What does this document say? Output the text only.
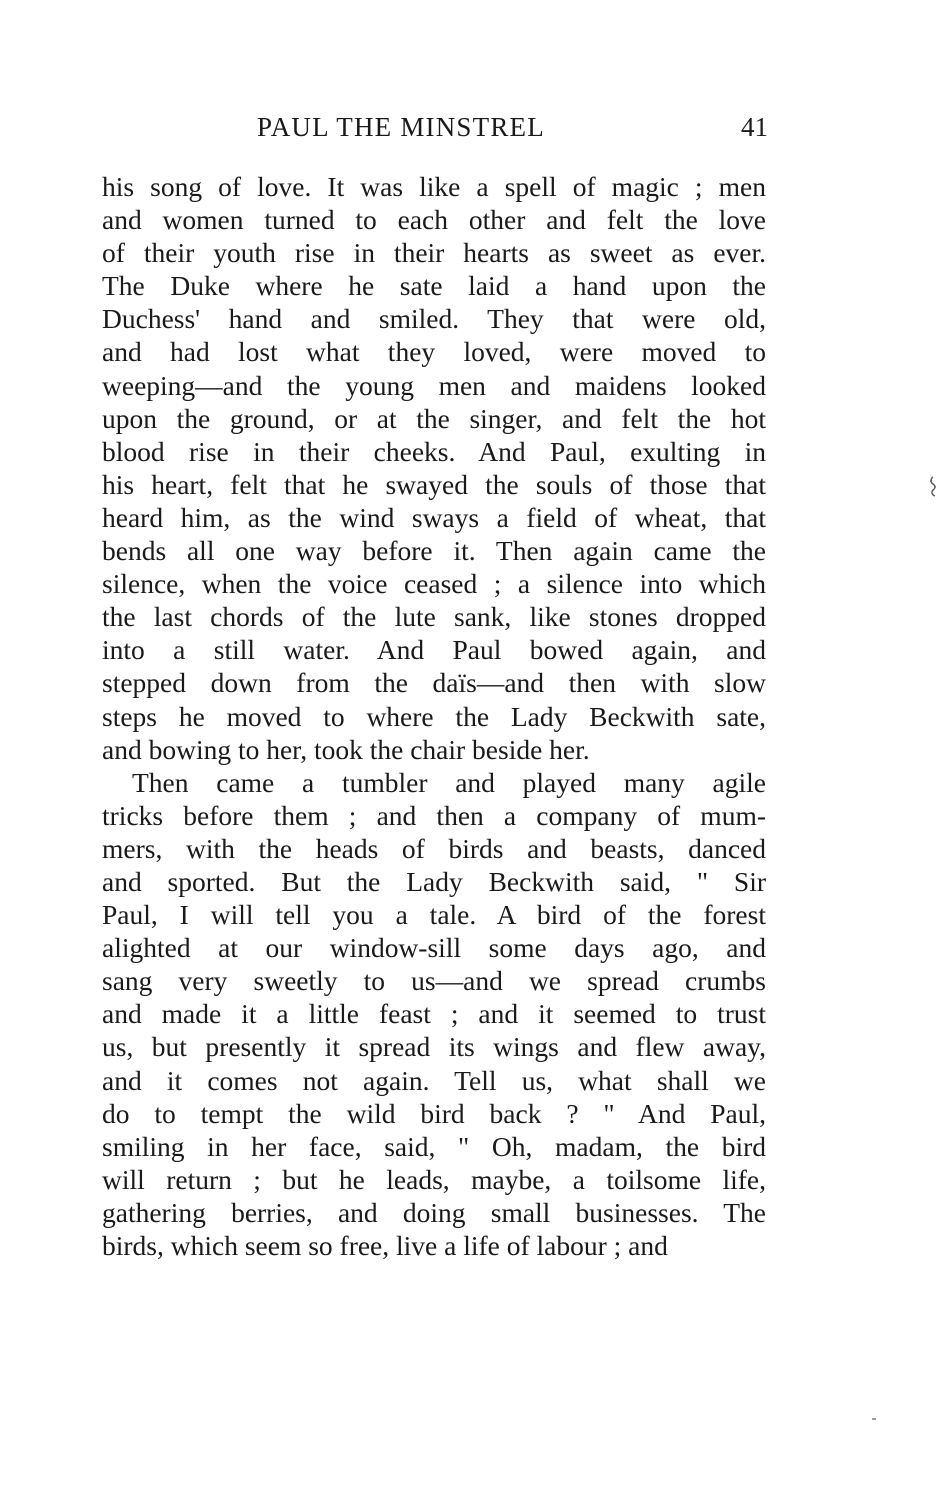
PAUL THE MINSTREL	41
his song of love. It was like a spell of magic ; men
and women turned to each other and felt the love
of their youth rise in their hearts as sweet as ever.
The Duke where he sate laid a hand upon the
Duchess' hand and smiled. They that were old,
and had lost what they loved, were moved to
weeping—and the young men and maidens looked
upon the ground, or at the singer, and felt the hot
blood rise in their cheeks. And Paul, exulting in
his heart, felt that he swayed the souls of those that
heard him, as the wind sways a field of wheat, that
bends all one way before it. Then again came the
silence, when the voice ceased ; a silence into which
the last chords of the lute sank, like stones dropped
into a still water. And Paul bowed again, and
stepped down from the daïs—and then with slow
steps he moved to where the Lady Beckwith sate,
and bowing to her, took the chair beside her.
Then came a tumbler and played many agile
tricks before them ; and then a company of mum-
mers, with the heads of birds and beasts, danced
and sported. But the Lady Beckwith said, " Sir
Paul, I will tell you a tale. A bird of the forest
alighted at our window-sill some days ago, and
sang very sweetly to us—and we spread crumbs
and made it a little feast ; and it seemed to trust
us, but presently it spread its wings and flew away,
and it comes not again. Tell us, what shall we
do to tempt the wild bird back ? " And Paul,
smiling in her face, said, " Oh, madam, the bird
will return ; but he leads, maybe, a toilsome life,
gathering berries, and doing small businesses. The
birds, which seem so free, live a life of labour ; and
